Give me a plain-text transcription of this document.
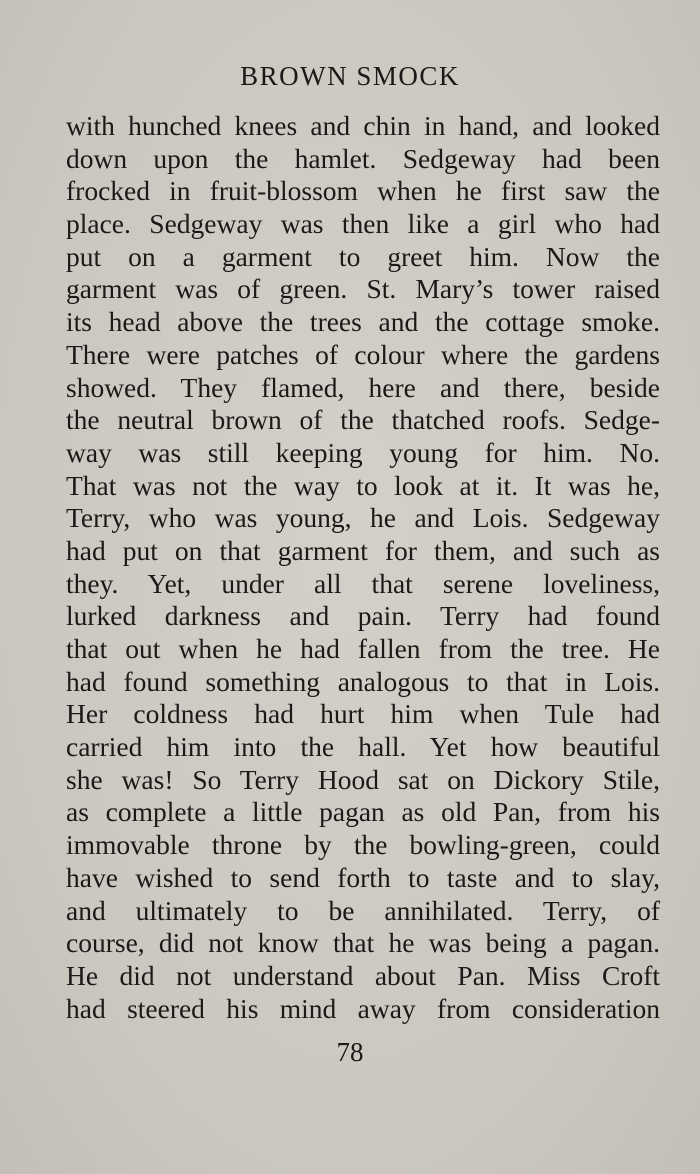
BROWN SMOCK
with hunched knees and chin in hand, and looked
down upon the hamlet. Sedgeway had been
frocked in fruit-blossom when he first saw the
place. Sedgeway was then like a girl who had
put on a garment to greet him. Now the
garment was of green. St. Mary’s tower raised
its head above the trees and the cottage smoke.
There were patches of colour where the gardens
showed. They flamed, here and there, beside
the neutral brown of the thatched roofs. Sedge-
way was still keeping young for him. No.
That was not the way to look at it. It was he,
Terry, who was young, he and Lois. Sedgeway
had put on that garment for them, and such as
they. Yet, under all that serene loveliness,
lurked darkness and pain. Terry had found
that out when he had fallen from the tree. He
had found something analogous to that in Lois.
Her coldness had hurt him when Tule had
carried him into the hall. Yet how beautiful
she was! So Terry Hood sat on Dickory Stile,
as complete a little pagan as old Pan, from his
immovable throne by the bowling-green, could
have wished to send forth to taste and to slay,
and ultimately to be annihilated. Terry, of
course, did not know that he was being a pagan.
He did not understand about Pan. Miss Croft
had steered his mind away from consideration
78
